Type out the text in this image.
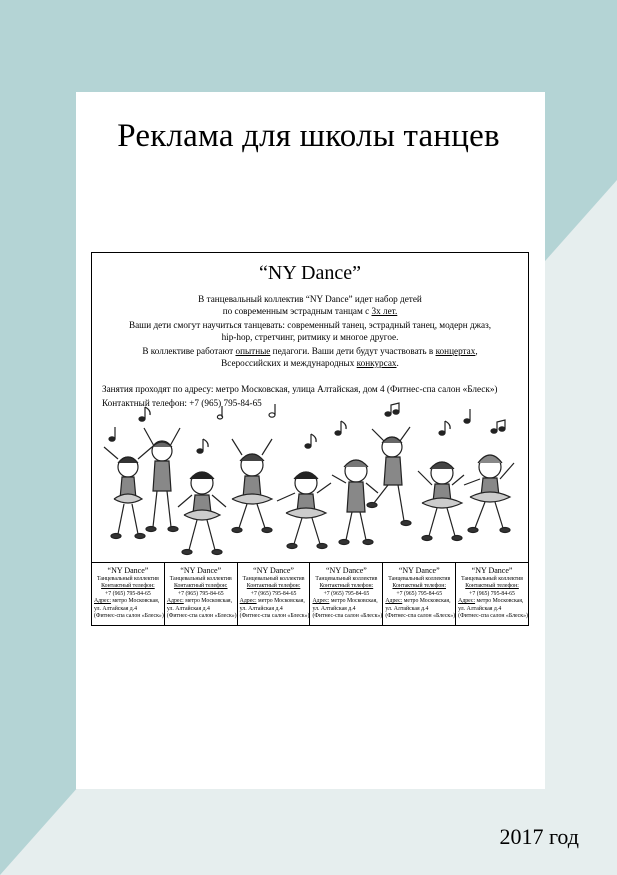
Реклама для школы танцев
“NY Dance”

В танцевальный коллектив “NY Dance” идет набор детей
по современным эстрадным танцам с 3х лет.

Ваши дети смогут научиться танцевать: современный танец, эстрадный танец, модерн джаз,
hip-hop, стретчинг, ритмику и многое другое.

В коллективе работают опытные педагоги. Ваши дети будут участвовать в концертах,
Всероссийских и международных конкурсах.

Занятия проходят по адресу: метро Московская, улица Алтайская, дом 4 (Фитнес-спа салон «Блеск»)
Контактный телефон: +7 (965) 795-84-65
“NY Dance”
Танцевальный коллектив
Контактный телефон:
+7 (965) 795-84-65
Адрес: метро Московская,
ул. Алтайская д.4
(Фитнес-спа салон «Блеск»)
“NY Dance”
Танцевальный коллектив
Контактный телефон:
+7 (965) 795-84-65
Адрес: метро Московская,
ул. Алтайская д.4
(Фитнес-спа салон «Блеск»)
“NY Dance”
Танцевальный коллектив
Контактный телефон:
+7 (965) 795-84-65
Адрес: метро Московская,
ул. Алтайская д.4
(Фитнес-спа салон «Блеск»)
“NY Dance”
Танцевальный коллектив
Контактный телефон:
+7 (965) 795-84-65
Адрес: метро Московская,
ул. Алтайская д.4
(Фитнес-спа салон «Блеск»)
“NY Dance”
Танцевальный коллектив
Контактный телефон:
+7 (965) 795-84-65
Адрес: метро Московская,
ул. Алтайская д.4
(Фитнес-спа салон «Блеск»)
“NY Dance”
Танцевальный коллектив
Контактный телефон:
+7 (965) 795-84-65
Адрес: метро Московская,
ул. Алтайская д.4
(Фитнес-спа салон «Блеск»)
2017 год
